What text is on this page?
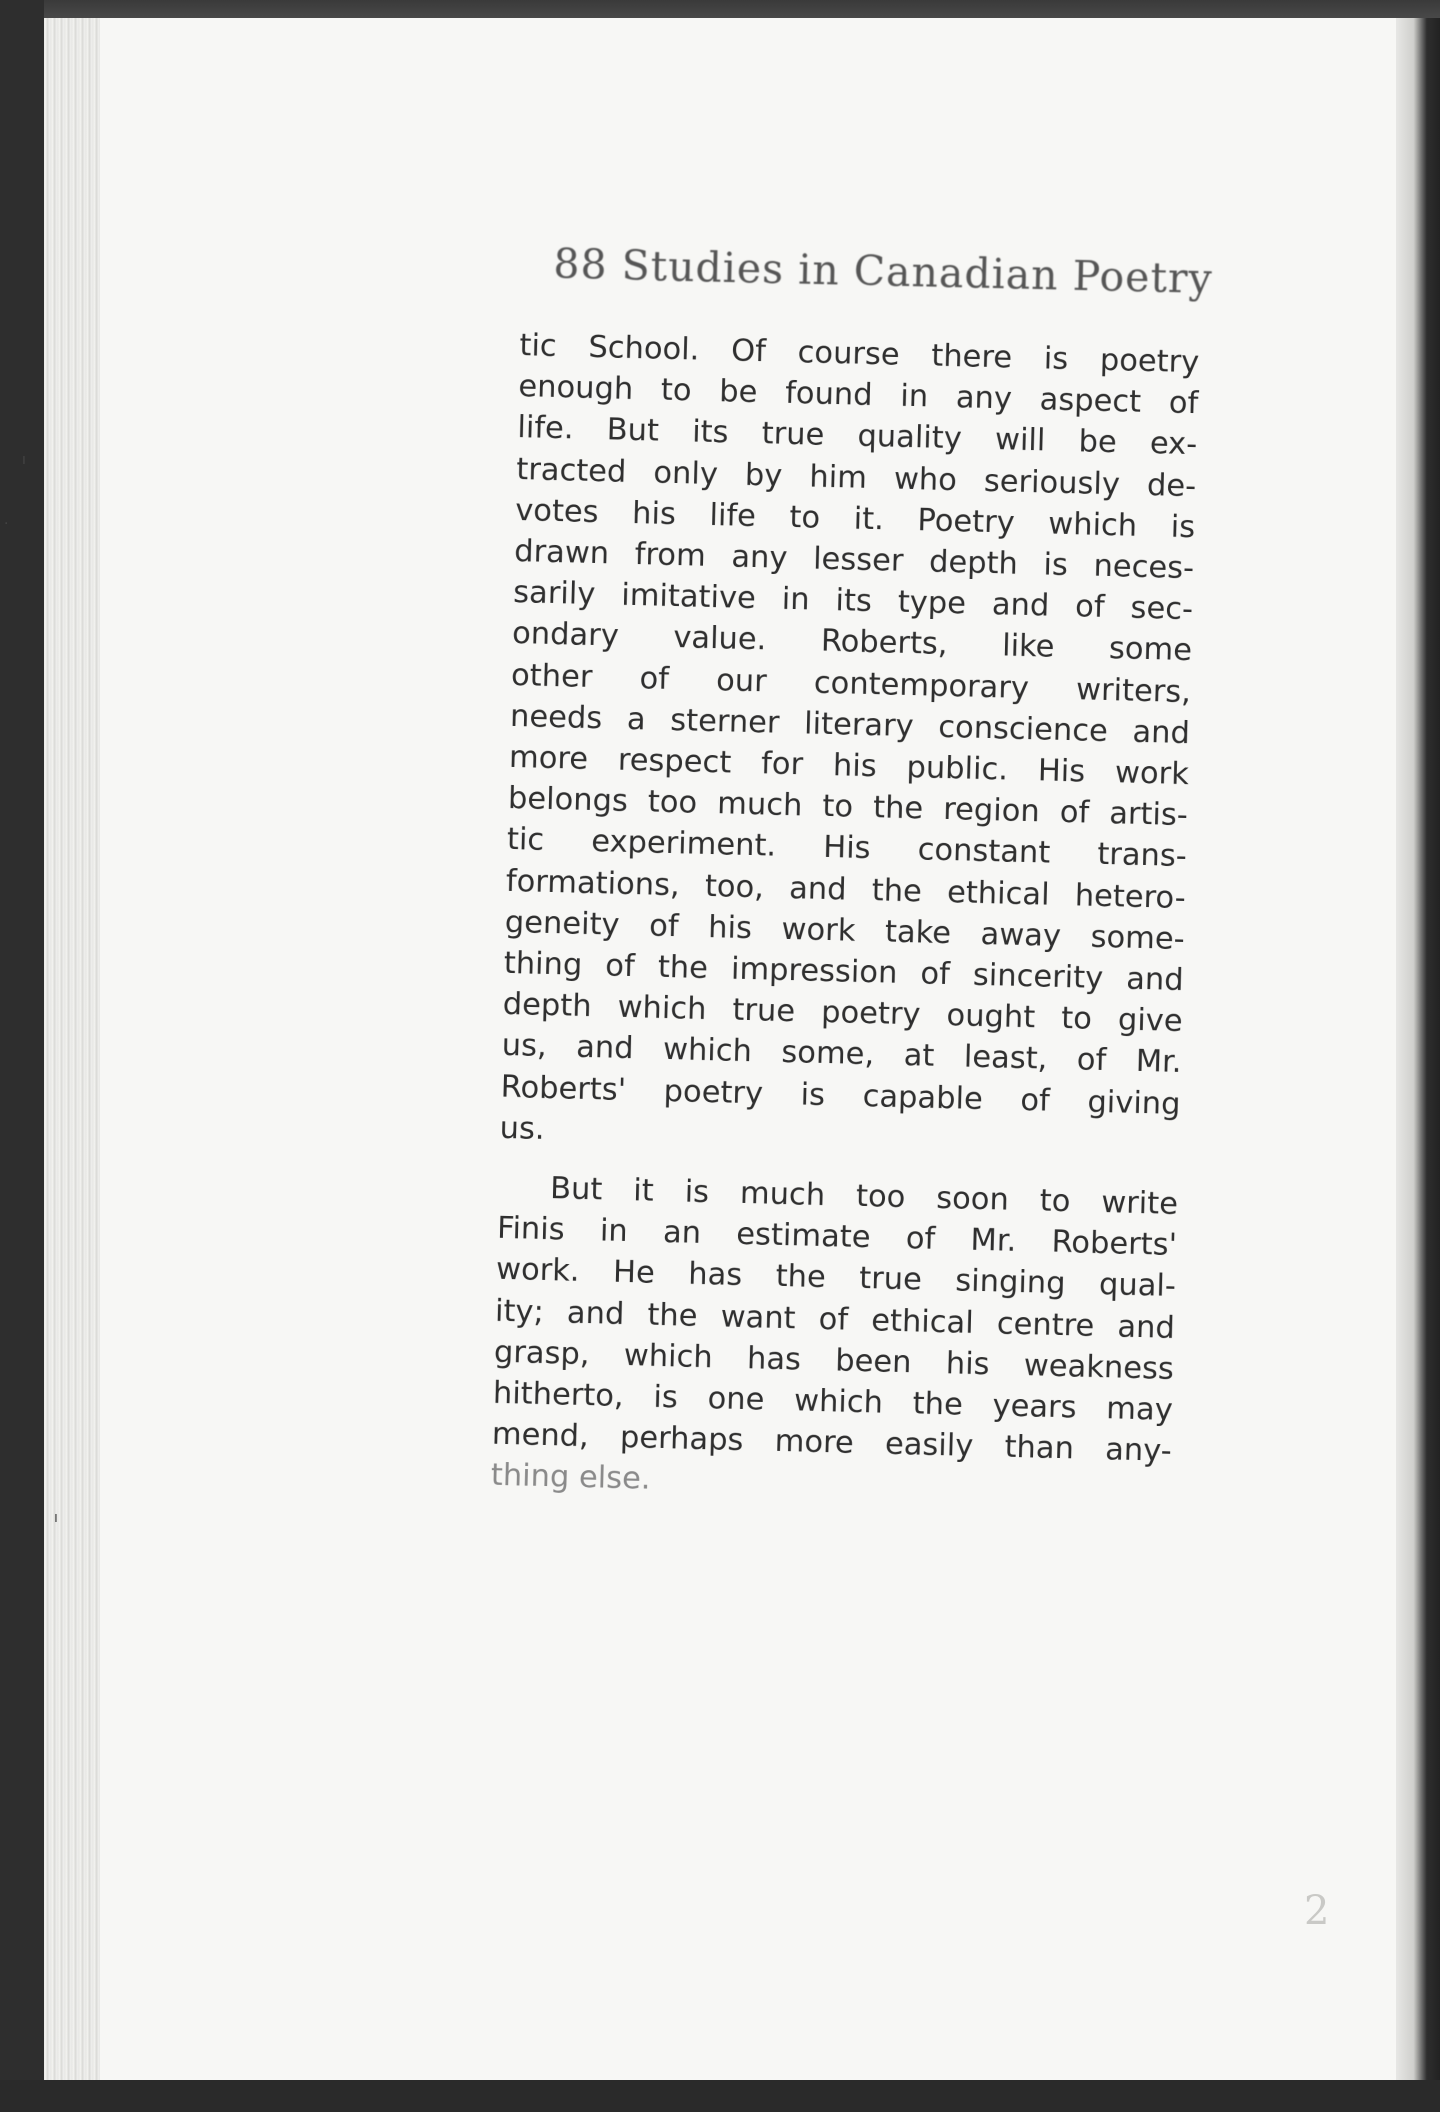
ı
·
ı
88 Studies in Canadian Poetry
tic School. Of course there is poetry
enough to be found in any aspect of
life. But its true quality will be ex-
tracted only by him who seriously de-
votes his life to it. Poetry which is
drawn from any lesser depth is neces-
sarily imitative in its type and of sec-
ondary value. Roberts, like some
other of our contemporary writers,
needs a sterner literary conscience and
more respect for his public. His work
belongs too much to the region of artis-
tic experiment. His constant trans-
formations, too, and the ethical hetero-
geneity of his work take away some-
thing of the impression of sincerity and
depth which true poetry ought to give
us, and which some, at least, of Mr.
Roberts' poetry is capable of giving
us.
But it is much too soon to write
Finis in an estimate of Mr. Roberts'
work. He has the true singing qual-
ity; and the want of ethical centre and
grasp, which has been his weakness
hitherto, is one which the years may
mend, perhaps more easily than any-
thing else.
2
